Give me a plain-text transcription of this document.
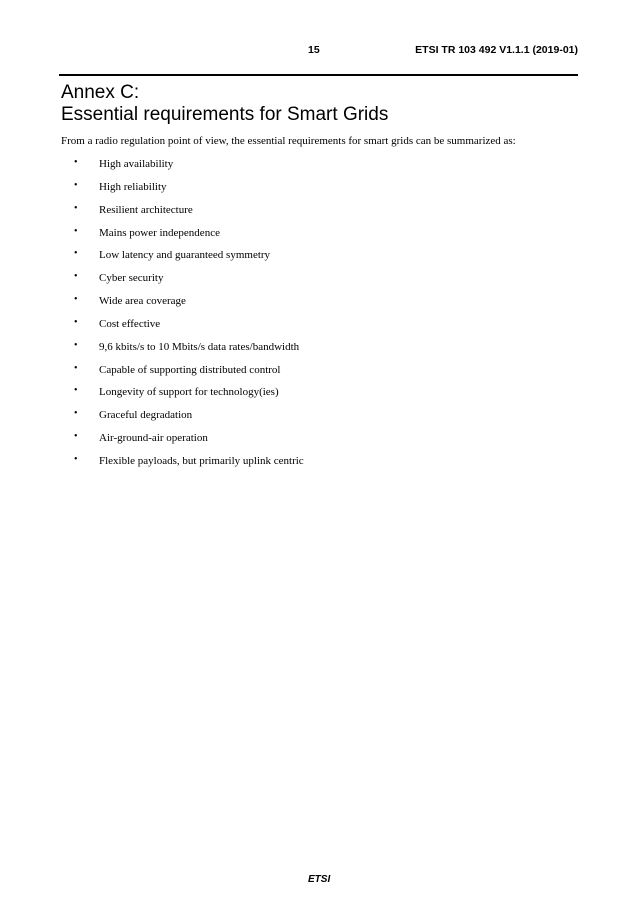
15	ETSI TR 103 492 V1.1.1 (2019-01)
Annex C:
Essential requirements for Smart Grids
From a radio regulation point of view, the essential requirements for smart grids can be summarized as:
• High availability
• High reliability
• Resilient architecture
• Mains power independence
• Low latency and guaranteed symmetry
• Cyber security
• Wide area coverage
• Cost effective
• 9,6 kbits/s to 10 Mbits/s data rates/bandwidth
• Capable of supporting distributed control
• Longevity of support for technology(ies)
• Graceful degradation
• Air-ground-air operation
• Flexible payloads, but primarily uplink centric
ETSI
